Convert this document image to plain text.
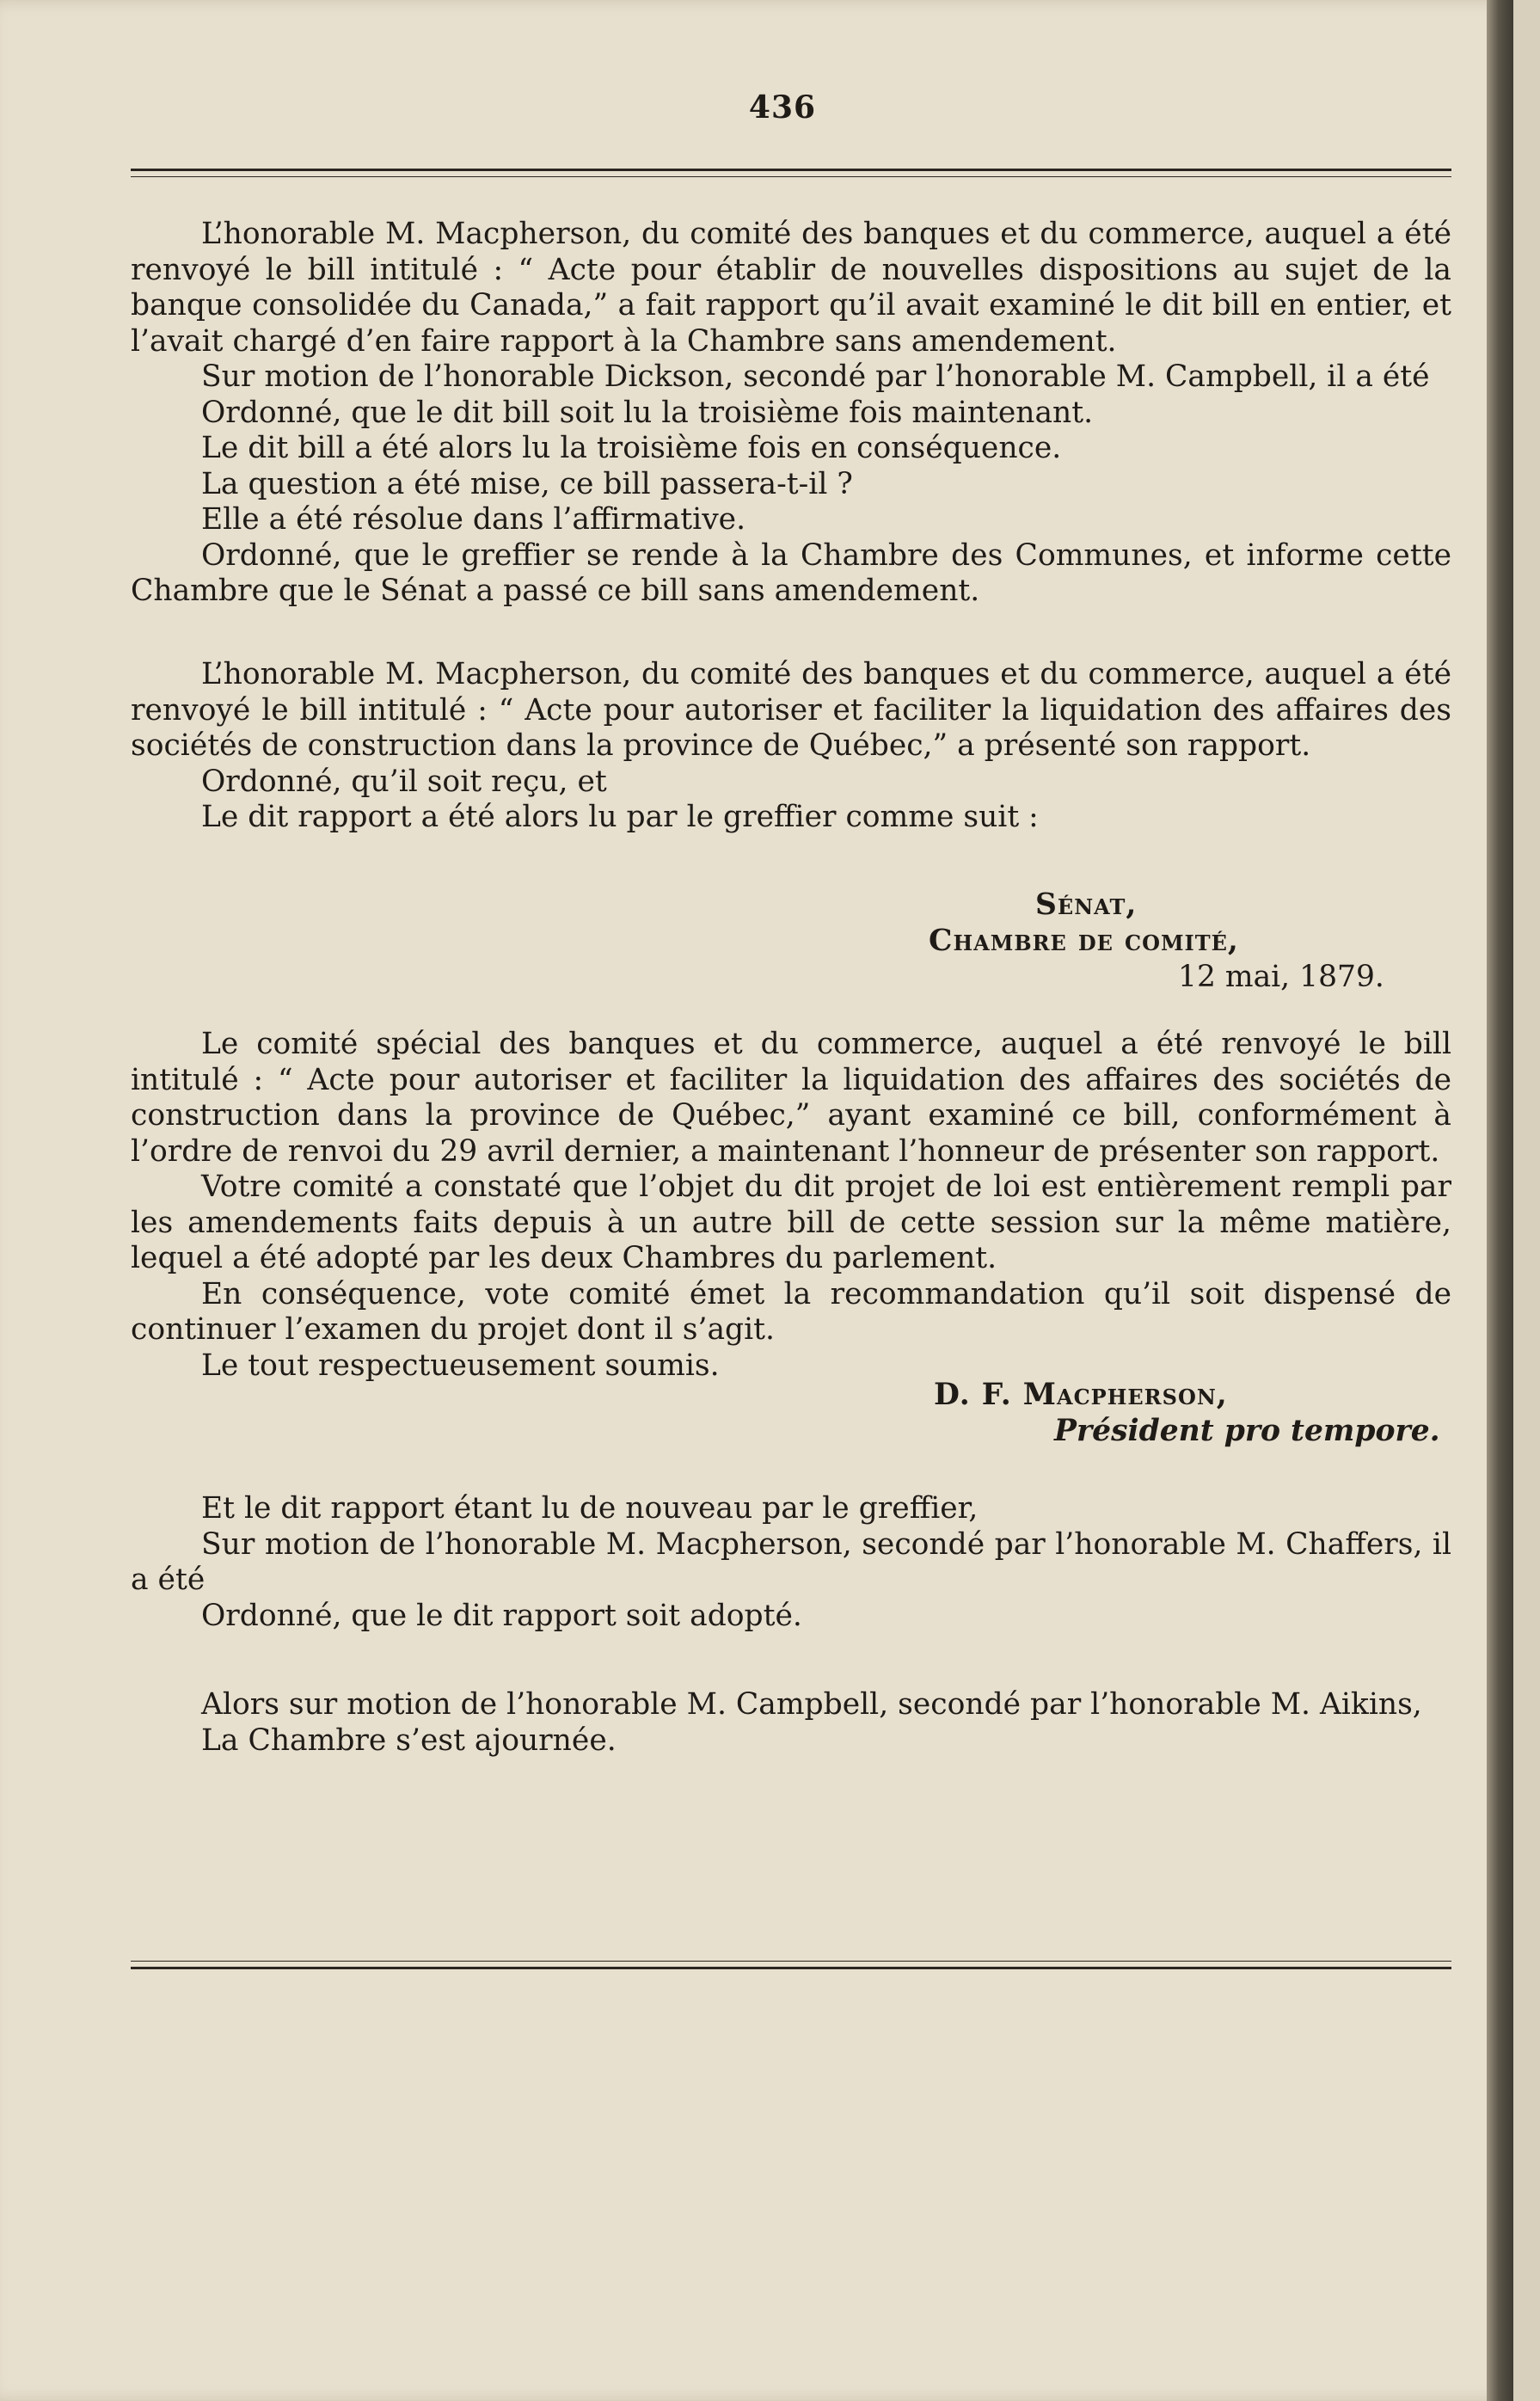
436

L’honorable M. Macpherson, du comité des banques et du commerce, auquel a été renvoyé le bill intitulé : “ Acte pour établir de nouvelles dispositions au sujet de la banque consolidée du Canada,” a fait rapport qu’il avait examiné le dit bill en entier, et l’avait chargé d’en faire rapport à la Chambre sans amendement.

Sur motion de l’honorable Dickson, secondé par l’honorable M. Campbell, il a été

Ordonné, que le dit bill soit lu la troisième fois maintenant.

Le dit bill a été alors lu la troisième fois en conséquence.

La question a été mise, ce bill passera-t-il ?

Elle a été résolue dans l’affirmative.

Ordonné, que le greffier se rende à la Chambre des Communes, et informe cette Chambre que le Sénat a passé ce bill sans amendement.

L’honorable M. Macpherson, du comité des banques et du commerce, auquel a été renvoyé le bill intitulé : “ Acte pour autoriser et faciliter la liquidation des affaires des sociétés de construction dans la province de Québec,” a présenté son rapport.

Ordonné, qu’il soit reçu, et

Le dit rapport a été alors lu par le greffier comme suit :

Sénat,
Chambre de comité,
12 mai, 1879.

Le comité spécial des banques et du commerce, auquel a été renvoyé le bill intitulé : “ Acte pour autoriser et faciliter la liquidation des affaires des sociétés de construction dans la province de Québec,” ayant examiné ce bill, conformément à l’ordre de renvoi du 29 avril dernier, a maintenant l’honneur de présenter son rapport.

Votre comité a constaté que l’objet du dit projet de loi est entièrement rempli par les amendements faits depuis à un autre bill de cette session sur la même matière, lequel a été adopté par les deux Chambres du parlement.

En conséquence, vote comité émet la recommandation qu’il soit dispensé de continuer l’examen du projet dont il s’agit.

Le tout respectueusement soumis.

D. F. Macpherson,
Président pro tempore.

Et le dit rapport étant lu de nouveau par le greffier,

Sur motion de l’honorable M. Macpherson, secondé par l’honorable M. Chaffers, il a été

Ordonné, que le dit rapport soit adopté.

Alors sur motion de l’honorable M. Campbell, secondé par l’honorable M. Aikins,

La Chambre s’est ajournée.
